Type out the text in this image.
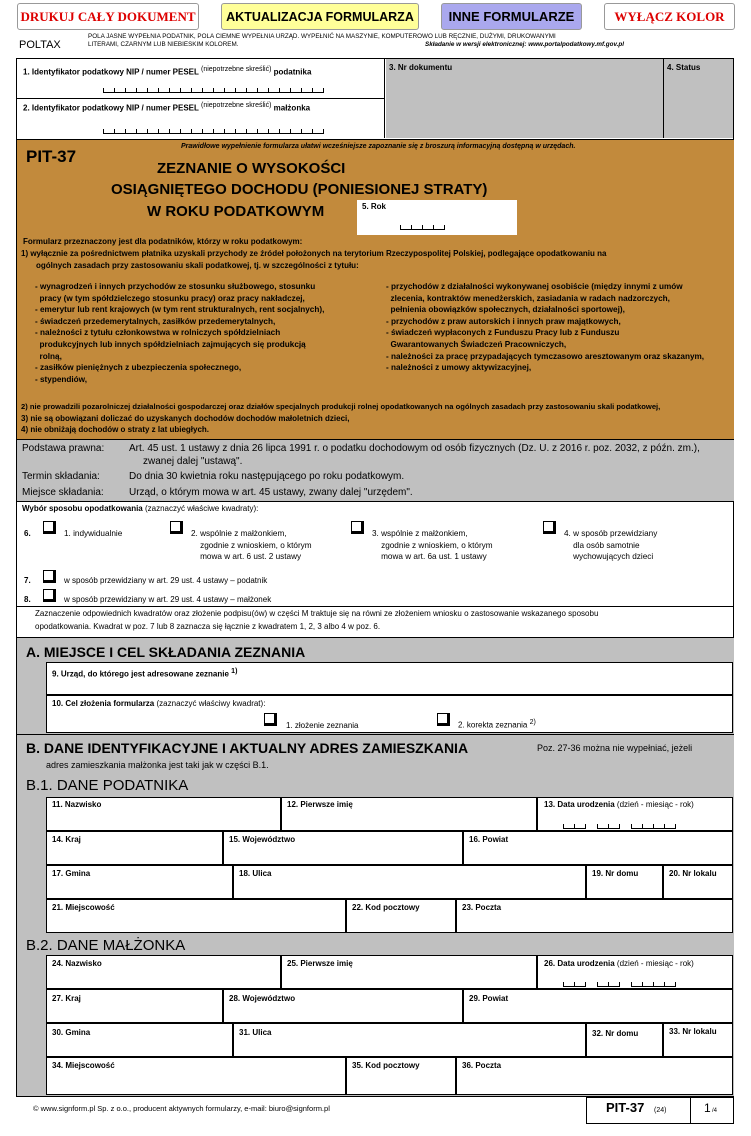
DRUKUJ CAŁY DOKUMENT	AKTUALIZACJA FORMULARZA	INNE FORMULARZE	WYŁĄCZ KOLOR
POLTAX
POLA JASNE WYPEŁNIA PODATNIK, POLA CIEMNE WYPEŁNIA URZĄD. WYPEŁNIĆ NA MASZYNIE, KOMPUTEROWO LUB RĘCZNIE, DUŻYMI, DRUKOWANYMI
LITERAMI, CZARNYM LUB NIEBIESKIM KOLOREM.	Składanie w wersji elektronicznej: www.portalpodatkowy.mf.gov.pl
1. Identyfikator podatkowy NIP / numer PESEL $^{(niepotrzebne skreślić)}$ podatnika
2. Identyfikator podatkowy NIP / numer PESEL $^{(niepotrzebne skreślić)}$ małżonka
3. Nr dokumentu	4. Status
PIT-37
Prawidłowe wypełnienie formularza ułatwi wcześniejsze zapoznanie się z broszurą informacyjną dostępną w urzędach.
ZEZNANIE O WYSOKOŚCI
OSIĄGNIĘTEGO DOCHODU (PONIESIONEJ STRATY)
W ROKU PODATKOWYM	5. Rok
Formularz przeznaczony jest dla podatników, którzy w roku podatkowym:
1) wyłącznie za pośrednictwem płatnika uzyskali przychody ze źródeł położonych na terytorium Rzeczypospolitej Polskiej, podlegające opodatkowaniu na
ogólnych zasadach przy zastosowaniu skali podatkowej, tj. w szczególności z tytułu:
- wynagrodzeń i innych przychodów ze stosunku służbowego, stosunku
pracy (w tym spółdzielczego stosunku pracy) oraz pracy nakładczej,
- emerytur lub rent krajowych (w tym rent strukturalnych, rent socjalnych),
- świadczeń przedemerytalnych, zasiłków przedemerytalnych,
- należności z tytułu członkowstwa w rolniczych spółdzielniach
produkcyjnych lub innych spółdzielniach zajmujących się produkcją
rolną,
- zasiłków pieniężnych z ubezpieczenia społecznego,
- stypendiów,
- przychodów z działalności wykonywanej osobiście (między innymi z umów
zlecenia, kontraktów menedżerskich, zasiadania w radach nadzorczych,
pełnienia obowiązków społecznych, działalności sportowej),
- przychodów z praw autorskich i innych praw majątkowych,
- świadczeń wypłaconych z Funduszu Pracy lub z Funduszu
Gwarantowanych Świadczeń Pracowniczych,
- należności za pracę przypadających tymczasowo aresztowanym oraz skazanym,
- należności z umowy aktywizacyjnej,
2) nie prowadzili pozarolniczej działalności gospodarczej oraz działów specjalnych produkcji rolnej opodatkowanych na ogólnych zasadach przy zastosowaniu skali podatkowej,
3) nie są obowiązani doliczać do uzyskanych dochodów dochodów małoletnich dzieci,
4) nie obniżają dochodów o straty z lat ubiegłych.
Podstawa prawna: Art. 45 ust. 1 ustawy z dnia 26 lipca 1991 r. o podatku dochodowym od osób fizycznych (Dz. U. z 2016 r. poz. 2032, z późn. zm.),
zwanej dalej "ustawą".
Termin składania:	Do dnia 30 kwietnia roku następującego po roku podatkowym.
Miejsce składania:	Urząd, o którym mowa w art. 45 ustawy, zwany dalej "urzędem".
Wybór sposobu opodatkowania (zaznaczyć właściwe kwadraty):
6.	1. indywidualnie	2. wspólnie z małżonkiem,
zgodnie z wnioskiem, o którym
mowa w art. 6 ust. 2 ustawy
3. wspólnie z małżonkiem,
zgodnie z wnioskiem, o którym
mowa w art. 6a ust. 1 ustawy
4. w sposób przewidziany
dla osób samotnie
wychowujących dzieci
7.	w sposób przewidziany w art. 29 ust. 4 ustawy – podatnik
8.	w sposób przewidziany w art. 29 ust. 4 ustawy – małżonek
Zaznaczenie odpowiednich kwadratów oraz złożenie podpisu(ów) w części M traktuje się na równi ze złożeniem wniosku o zastosowanie wskazanego sposobu
opodatkowania. Kwadrat w poz. 7 lub 8 zaznacza się łącznie z kwadratem 1, 2, 3 albo 4 w poz. 6.
A. MIEJSCE I CEL SKŁADANIA ZEZNANIA
9. Urząd, do którego jest adresowane zeznanie $^{1)}$
10. Cel złożenia formularza (zaznaczyć właściwy kwadrat):
1. złożenie zeznania	2. korekta zeznania $^{2)}$
B. DANE IDENTYFIKACYJNE I AKTUALNY ADRES ZAMIESZKANIA	Poz. 27-36 można nie wypełniać, jeżeli
adres zamieszkania małżonka jest taki jak w części B.1.
B.1. DANE PODATNIKA
11. Nazwisko	12. Pierwsze imię	13. Data urodzenia (dzień - miesiąc - rok)
14. Kraj	15. Województwo	16. Powiat
17. Gmina	18. Ulica	19. Nr domu	20. Nr lokalu
21. Miejscowość	22. Kod pocztowy	23. Poczta
B.2. DANE MAŁŻONKA
24. Nazwisko	25. Pierwsze imię	26. Data urodzenia (dzień - miesiąc - rok)
27. Kraj	28. Województwo	29. Powiat
30. Gmina	31. Ulica	32. Nr domu	33. Nr lokalu
34. Miejscowość	35. Kod pocztowy	36. Poczta
© www.signform.pl Sp. z o.o., producent aktywnych formularzy, e-mail: biuro@signform.pl	PIT-37 (24)	1 /4
